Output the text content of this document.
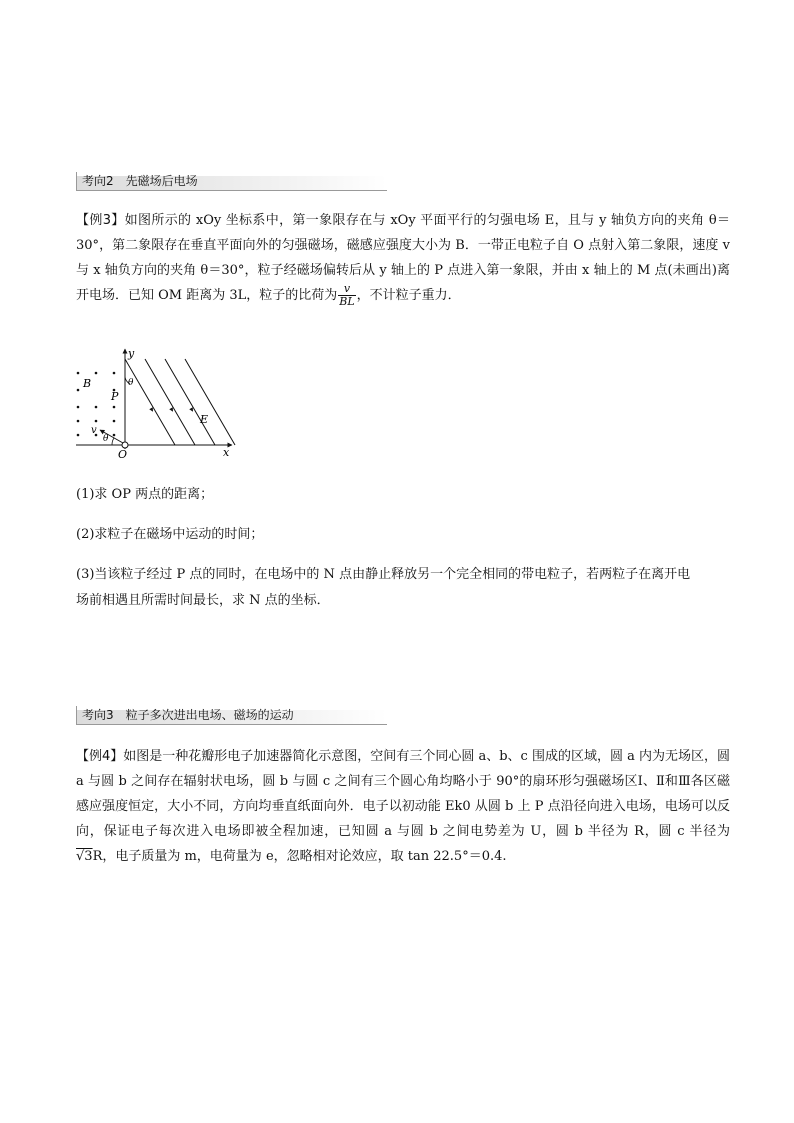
考向2　先磁场后电场
【例3】如图所示的 xOy 坐标系中，第一象限存在与 xOy 平面平行的匀强电场 E，且与 y 轴负方向的夹角 θ＝30°，第二象限存在垂直平面向外的匀强磁场，磁感应强度大小为 B．一带正电粒子自 O 点射入第二象限，速度 v 与 x 轴负方向的夹角 θ＝30°，粒子经磁场偏转后从 y 轴上的 P 点进入第一象限，并由 x 轴上的 M 点(未画出)离开电场．已知 OM 距离为 3L，粒子的比荷为 $\frac{v}{BL}$ ，不计粒子重力．
y
x
O
P
B
E
v
θ
θ
(1)求 OP 两点的距离；
(2)求粒子在磁场中运动的时间；
(3)当该粒子经过 P 点的同时，在电场中的 N 点由静止释放另一个完全相同的带电粒子，若两粒子在离开电
场前相遇且所需时间最长，求 N 点的坐标．
考向3　粒子多次进出电场、磁场的运动
【例4】如图是一种花瓣形电子加速器简化示意图，空间有三个同心圆 a、b、c 围成的区域，圆 a 内为无场区，圆 a 与圆 b 之间存在辐射状电场，圆 b 与圆 c 之间有三个圆心角均略小于 90°的扇环形匀强磁场区Ⅰ、Ⅱ和Ⅲ各区磁感应强度恒定，大小不同，方向均垂直纸面向外．电子以初动能 Ek0 从圆 b 上 P 点沿径向进入电场，电场可以反向，保证电子每次进入电场即被全程加速，已知圆 a 与圆 b 之间电势差为 U，圆 b 半径为 R，圆 c 半径为 √3R，电子质量为 m，电荷量为 e，忽略相对论效应，取 tan 22.5°＝0.4.
